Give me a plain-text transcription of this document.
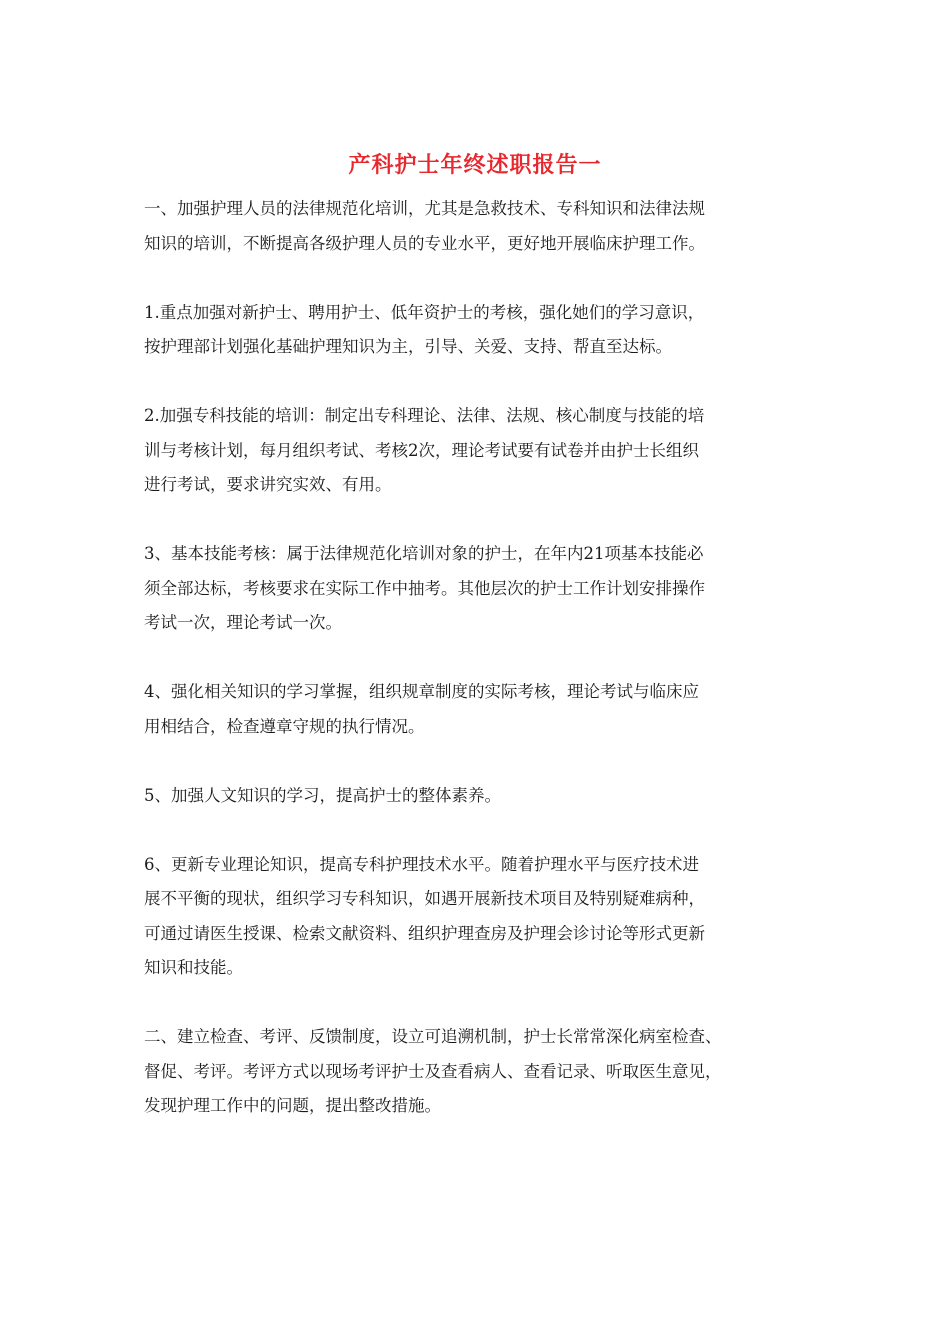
产科护士年终述职报告一

一、加强护理人员的法律规范化培训，尤其是急救技术、专科知识和法律法规
知识的培训，不断提高各级护理人员的专业水平，更好地开展临床护理工作。

1.重点加强对新护士、聘用护士、低年资护士的考核，强化她们的学习意识，
按护理部计划强化基础护理知识为主，引导、关爱、支持、帮直至达标。

2.加强专科技能的培训：制定出专科理论、法律、法规、核心制度与技能的培
训与考核计划，每月组织考试、考核2次，理论考试要有试卷并由护士长组织
进行考试，要求讲究实效、有用。

3、基本技能考核：属于法律规范化培训对象的护士，在年内21项基本技能必
须全部达标，考核要求在实际工作中抽考。其他层次的护士工作计划安排操作
考试一次，理论考试一次。

4、强化相关知识的学习掌握，组织规章制度的实际考核，理论考试与临床应
用相结合，检查遵章守规的执行情况。

5、加强人文知识的学习，提高护士的整体素养。

6、更新专业理论知识，提高专科护理技术水平。随着护理水平与医疗技术进
展不平衡的现状，组织学习专科知识，如遇开展新技术项目及特别疑难病种，
可通过请医生授课、检索文献资料、组织护理查房及护理会诊讨论等形式更新
知识和技能。

二、建立检查、考评、反馈制度，设立可追溯机制，护士长常常深化病室检查、
督促、考评。考评方式以现场考评护士及查看病人、查看记录、听取医生意见，
发现护理工作中的问题，提出整改措施。
